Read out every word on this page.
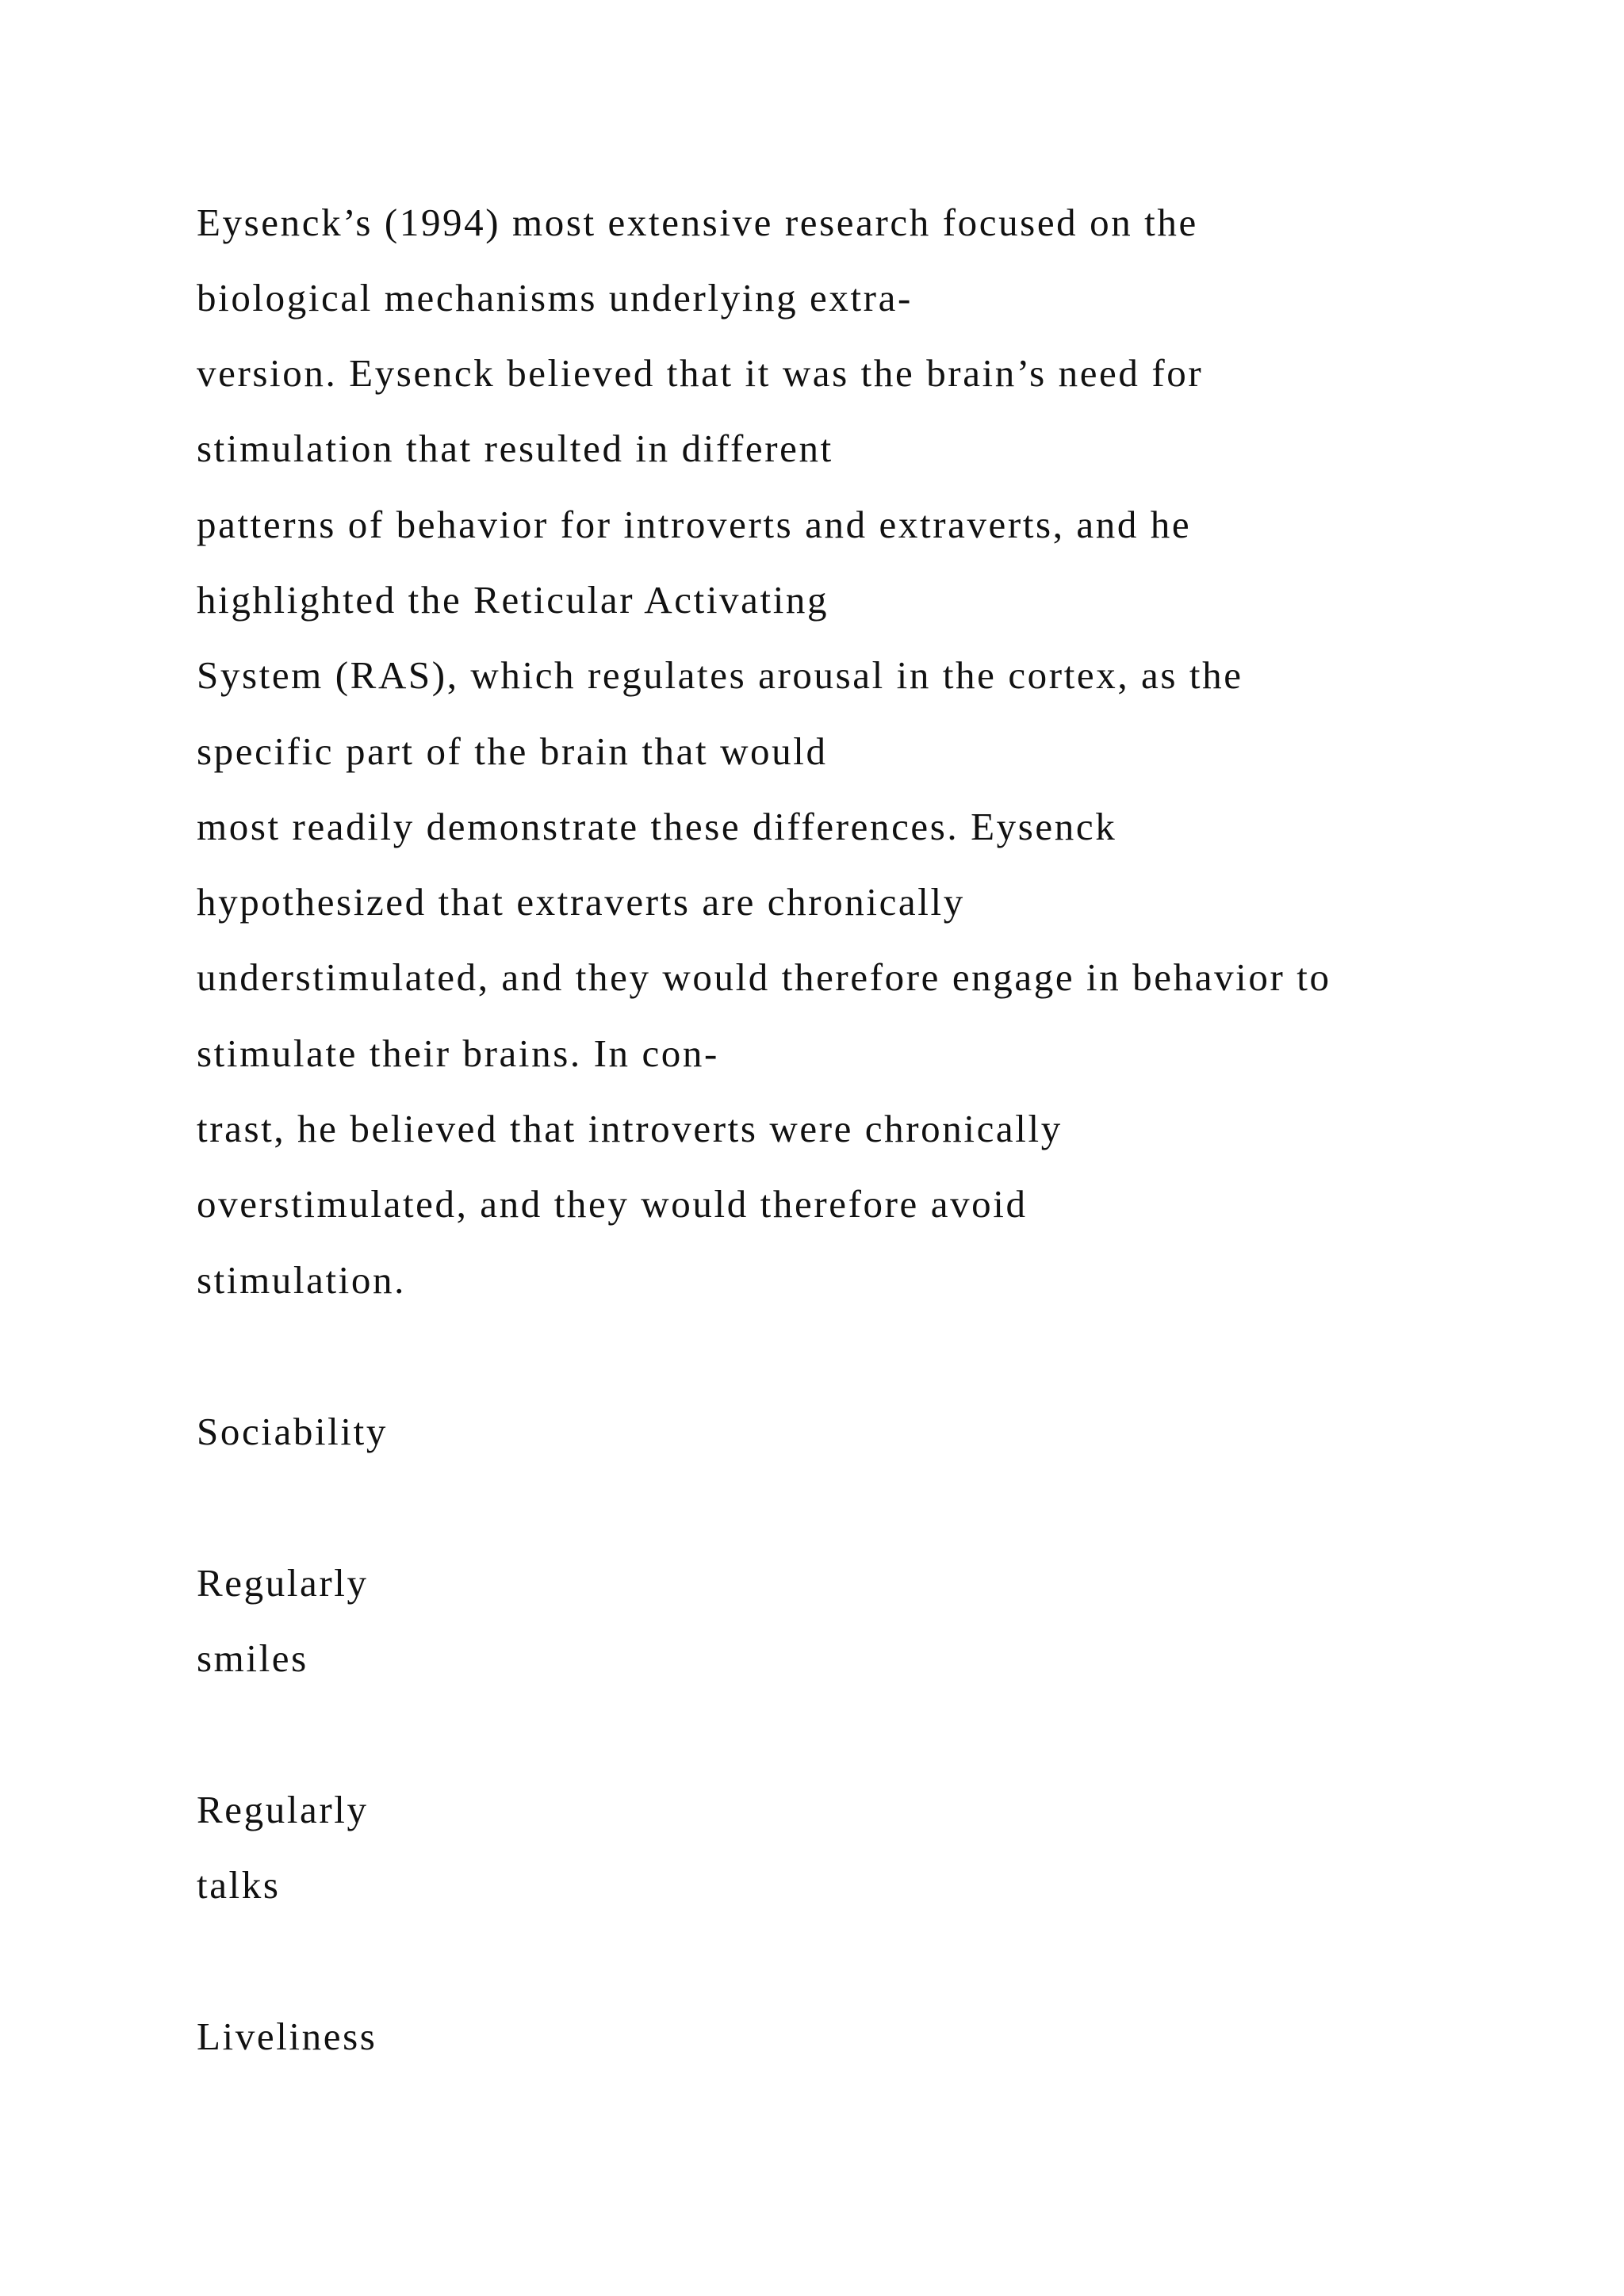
Eysenck’s (1994) most extensive research focused on the
biological mechanisms underlying extra-
version. Eysenck believed that it was the brain’s need for
stimulation that resulted in different
patterns of behavior for introverts and extraverts, and he
highlighted the Reticular Activating
System (RAS), which regulates arousal in the cortex, as the
specific part of the brain that would
most readily demonstrate these differences. Eysenck
hypothesized that extraverts are chronically
understimulated, and they would therefore engage in behavior to
stimulate their brains. In con-
trast, he believed that introverts were chronically
overstimulated, and they would therefore avoid
stimulation.
Sociability
Regularly
smiles
Regularly
talks
Liveliness
